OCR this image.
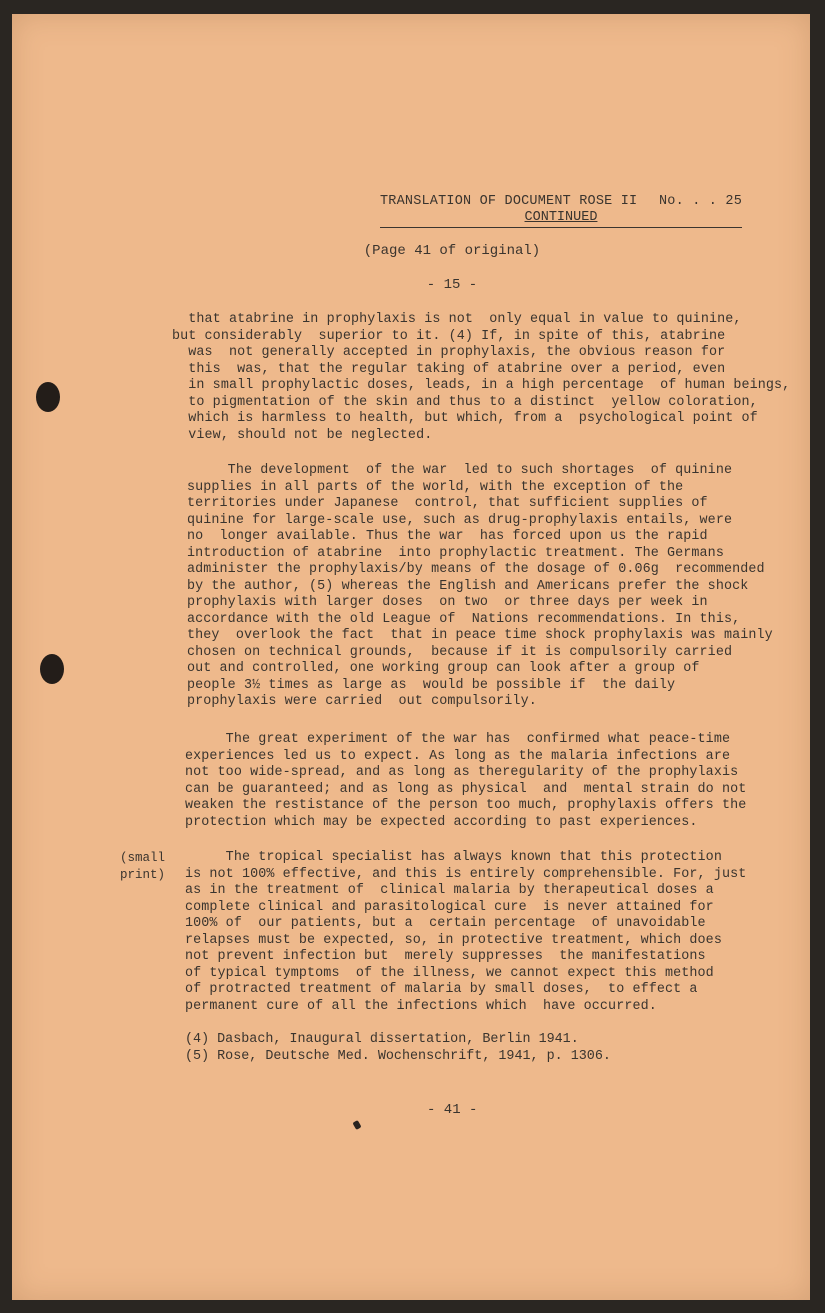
TRANSLATION OF DOCUMENT ROSE II No. . . 25
CONTINUED
(Page 41 of original)
- 15 -
that atabrine in prophylaxis is not  only equal in value to quinine,
but considerably  superior to it. (4) If, in spite of this, atabrine
was  not generally accepted in prophylaxis, the obvious reason for
this  was, that the regular taking of atabrine over a period, even
in small prophylactic doses, leads, in a high percentage  of human beings,
to pigmentation of the skin and thus to a distinct  yellow coloration,
which is harmless to health, but which, from a  psychological point of
view, should not be neglected.
The development  of the war  led to such shortages  of quinine
supplies in all parts of the world, with the exception of the
territories under Japanese  control, that sufficient supplies of
quinine for large-scale use, such as drug-prophylaxis entails, were
no  longer available. Thus the war  has forced upon us the rapid
introduction of atabrine  into prophylactic treatment. The Germans
administer the prophylaxis/by means of the dosage of 0.06g  recommended
by the author, (5) whereas the English and Americans prefer the shock
prophylaxis with larger doses  on two  or three days per week in
accordance with the old League of  Nations recommendations. In this,
they  overlook the fact  that in peace time shock prophylaxis was mainly
chosen on technical grounds,  because if it is compulsorily carried
out and controlled, one working group can look after a group of
people 3½ times as large as  would be possible if  the daily
prophylaxis were carried  out compulsorily.
The great experiment of the war has  confirmed what peace-time
experiences led us to expect. As long as the malaria infections are
not too wide-spread, and as long as theregularity of the prophylaxis
can be guaranteed; and as long as physical  and  mental strain do not
weaken the restistance of the person too much, prophylaxis offers the
protection which may be expected according to past experiences.
(small
print)
The tropical specialist has always known that this protection
is not 100% effective, and this is entirely comprehensible. For, just
as in the treatment of  clinical malaria by therapeutical doses a
complete clinical and parasitological cure  is never attained for
100% of  our patients, but a  certain percentage  of unavoidable
relapses must be expected, so, in protective treatment, which does
not prevent infection but  merely suppresses  the manifestations
of typical tymptoms  of the illness, we cannot expect this method
of protracted treatment of malaria by small doses,  to effect a
permanent cure of all the infections which  have occurred.
(4) Dasbach, Inaugural dissertation, Berlin 1941.
(5) Rose, Deutsche Med. Wochenschrift, 1941, p. 1306.
- 41 -
